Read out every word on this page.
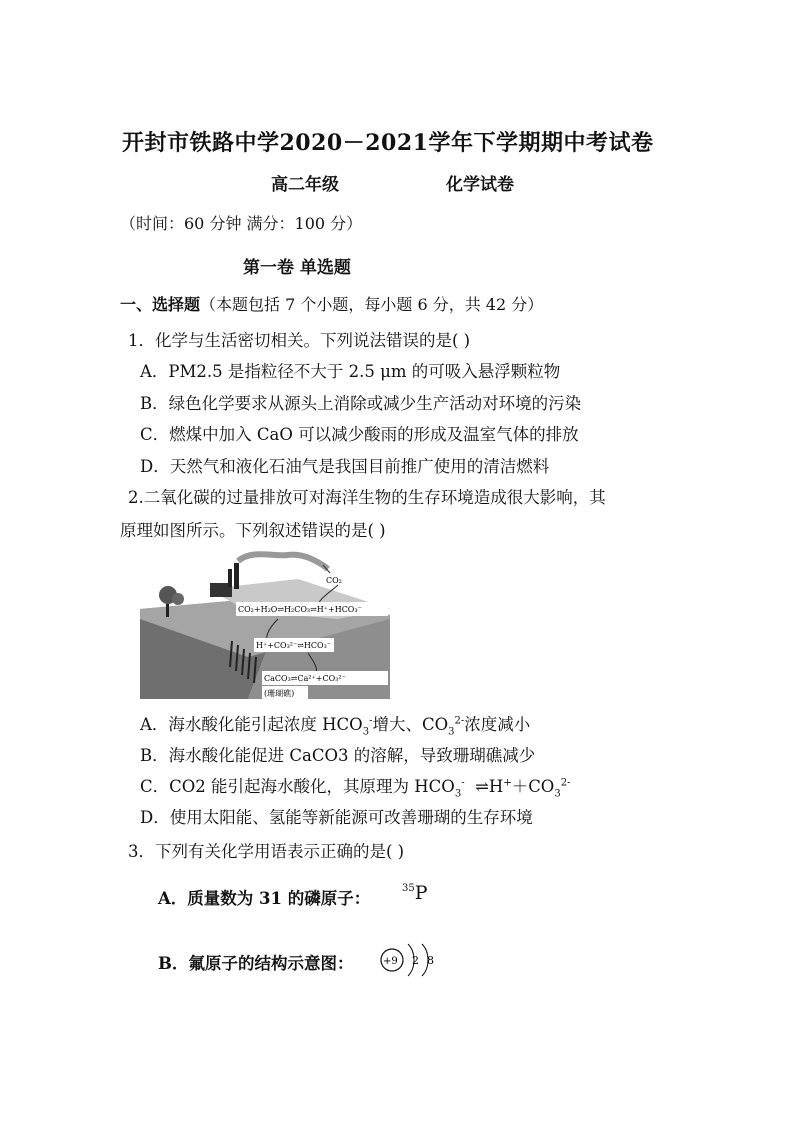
开封市铁路中学2020－2021学年下学期期中考试卷
高二年级	化学试卷
（时间：60 分钟 满分：100 分）
第一卷 单选题
一、选择题（本题包括 7 个小题，每小题 6 分，共 42 分）
1．化学与生活密切相关。下列说法错误的是( )
A．PM2.5 是指粒径不大于 2.5 μm 的可吸入悬浮颗粒物
B．绿色化学要求从源头上消除或减少生产活动对环境的污染
C．燃煤中加入 CaO 可以减少酸雨的形成及温室气体的排放
D．天然气和液化石油气是我国目前推广使用的清洁燃料
2.二氧化碳的过量排放可对海洋生物的生存环境造成很大影响，其
原理如图所示。下列叙述错误的是( )
CO₂
CO₂+H₂O⇌H₂CO₃⇌H⁺+HCO₃⁻
H⁺+CO₃²⁻⇌HCO₃⁻
CaCO₃⇌Ca²⁺+CO₃²⁻
(珊瑚礁)
A．海水酸化能引起浓度 $HCO_3^-$增大、$CO_3^{2-}$浓度减小
B．海水酸化能促进 CaCO3 的溶解，导致珊瑚礁减少
C．CO2 能引起海水酸化，其原理为 $HCO_3^-$ $\rightleftharpoons H^++CO_3^{2-}$
D．使用太阳能、氢能等新能源可改善珊瑚的生存环境
3．下列有关化学用语表示正确的是( )
A．质量数为 31 的磷原子：
$^{35}$P
B．氟原子的结构示意图：	+9 2 8
